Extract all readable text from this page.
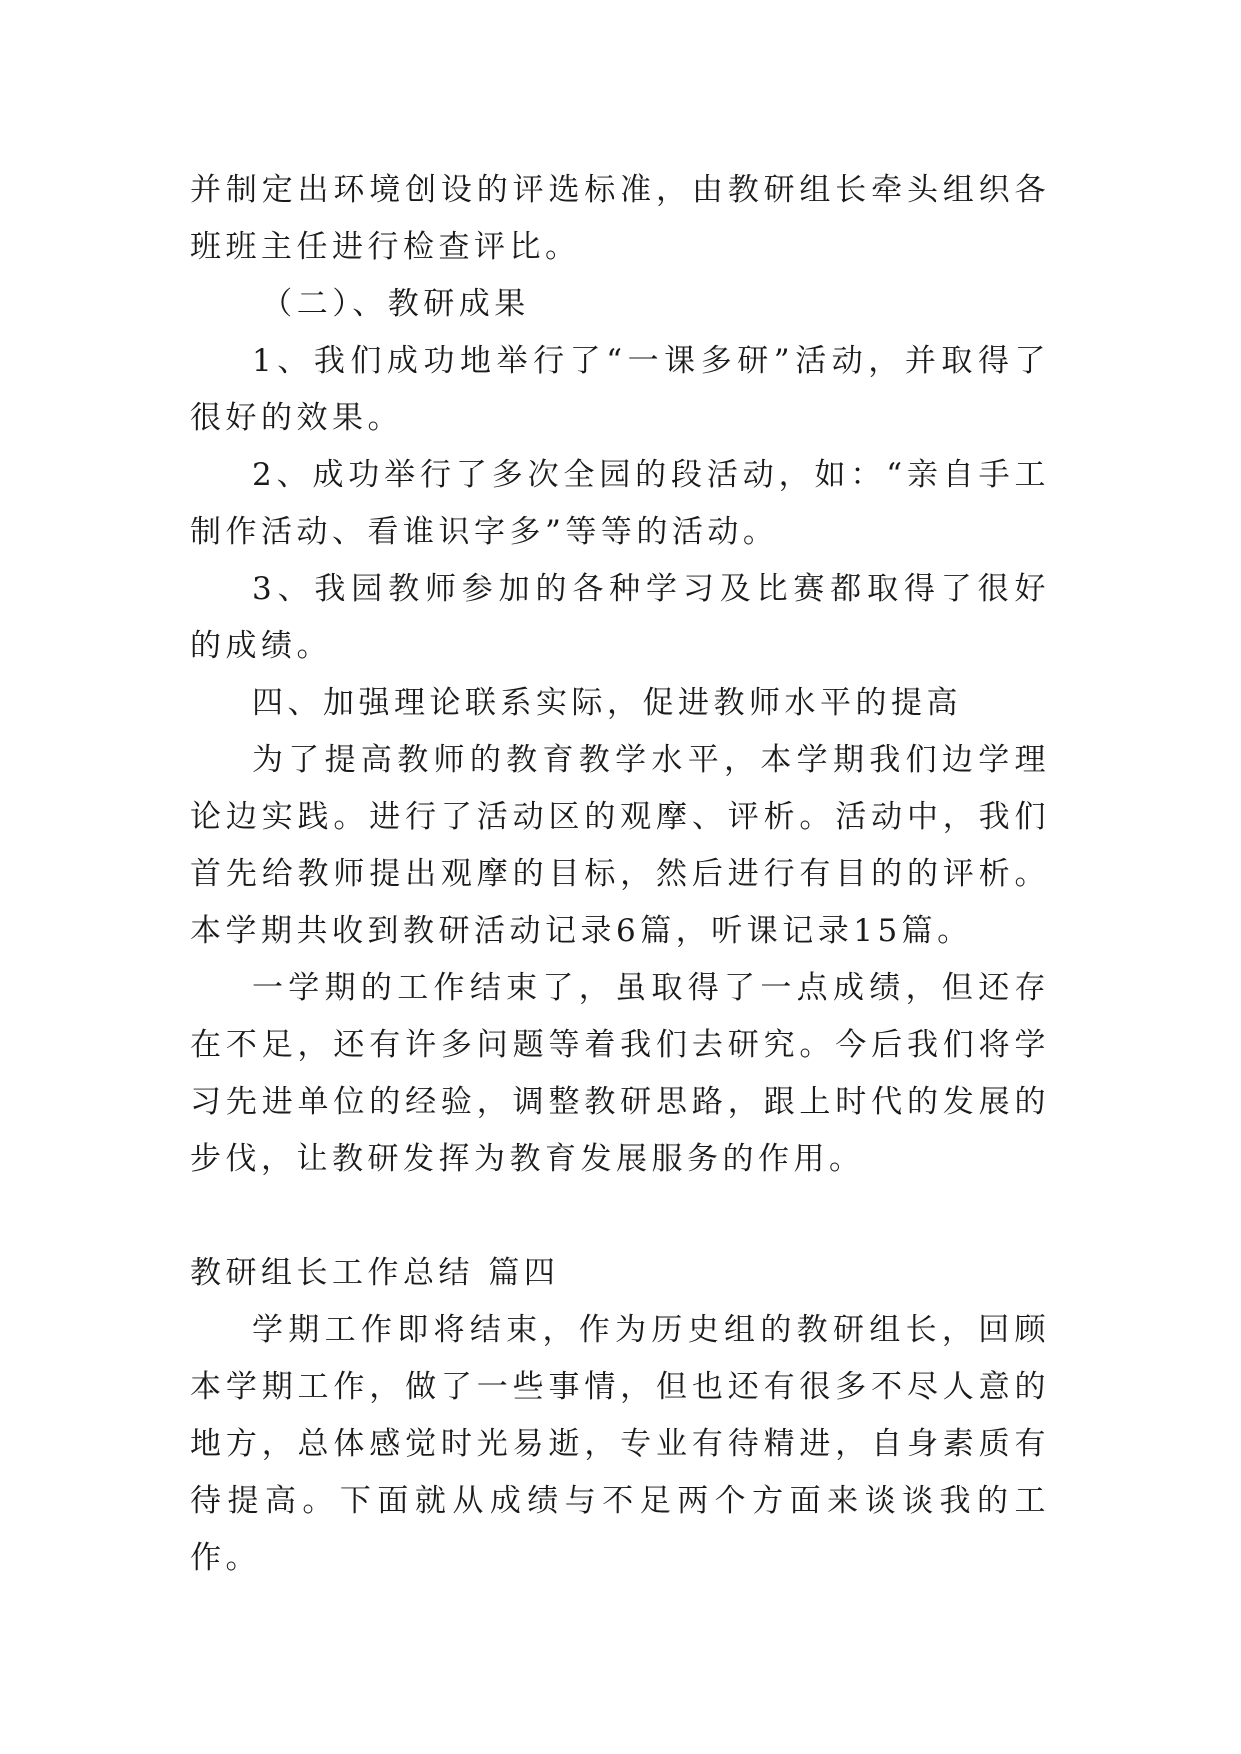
并制定出环境创设的评选标准，由教研组长牵头组织各班班主任进行检查评比。

（二）、教研成果

1、我们成功地举行了“一课多研”活动，并取得了很好的效果。

2、成功举行了多次全园的段活动，如：“亲自手工制作活动、看谁识字多”等等的活动。

3、我园教师参加的各种学习及比赛都取得了很好的成绩。

四、加强理论联系实际，促进教师水平的提高

为了提高教师的教育教学水平，本学期我们边学理论边实践。进行了活动区的观摩、评析。活动中，我们首先给教师提出观摩的目标，然后进行有目的的评析。本学期共收到教研活动记录6篇，听课记录15篇。

一学期的工作结束了，虽取得了一点成绩，但还存在不足，还有许多问题等着我们去研究。今后我们将学习先进单位的经验，调整教研思路，跟上时代的发展的步伐，让教研发挥为教育发展服务的作用。

教研组长工作总结 篇四

学期工作即将结束，作为历史组的教研组长，回顾本学期工作，做了一些事情，但也还有很多不尽人意的地方，总体感觉时光易逝，专业有待精进，自身素质有待提高。下面就从成绩与不足两个方面来谈谈我的工作。
